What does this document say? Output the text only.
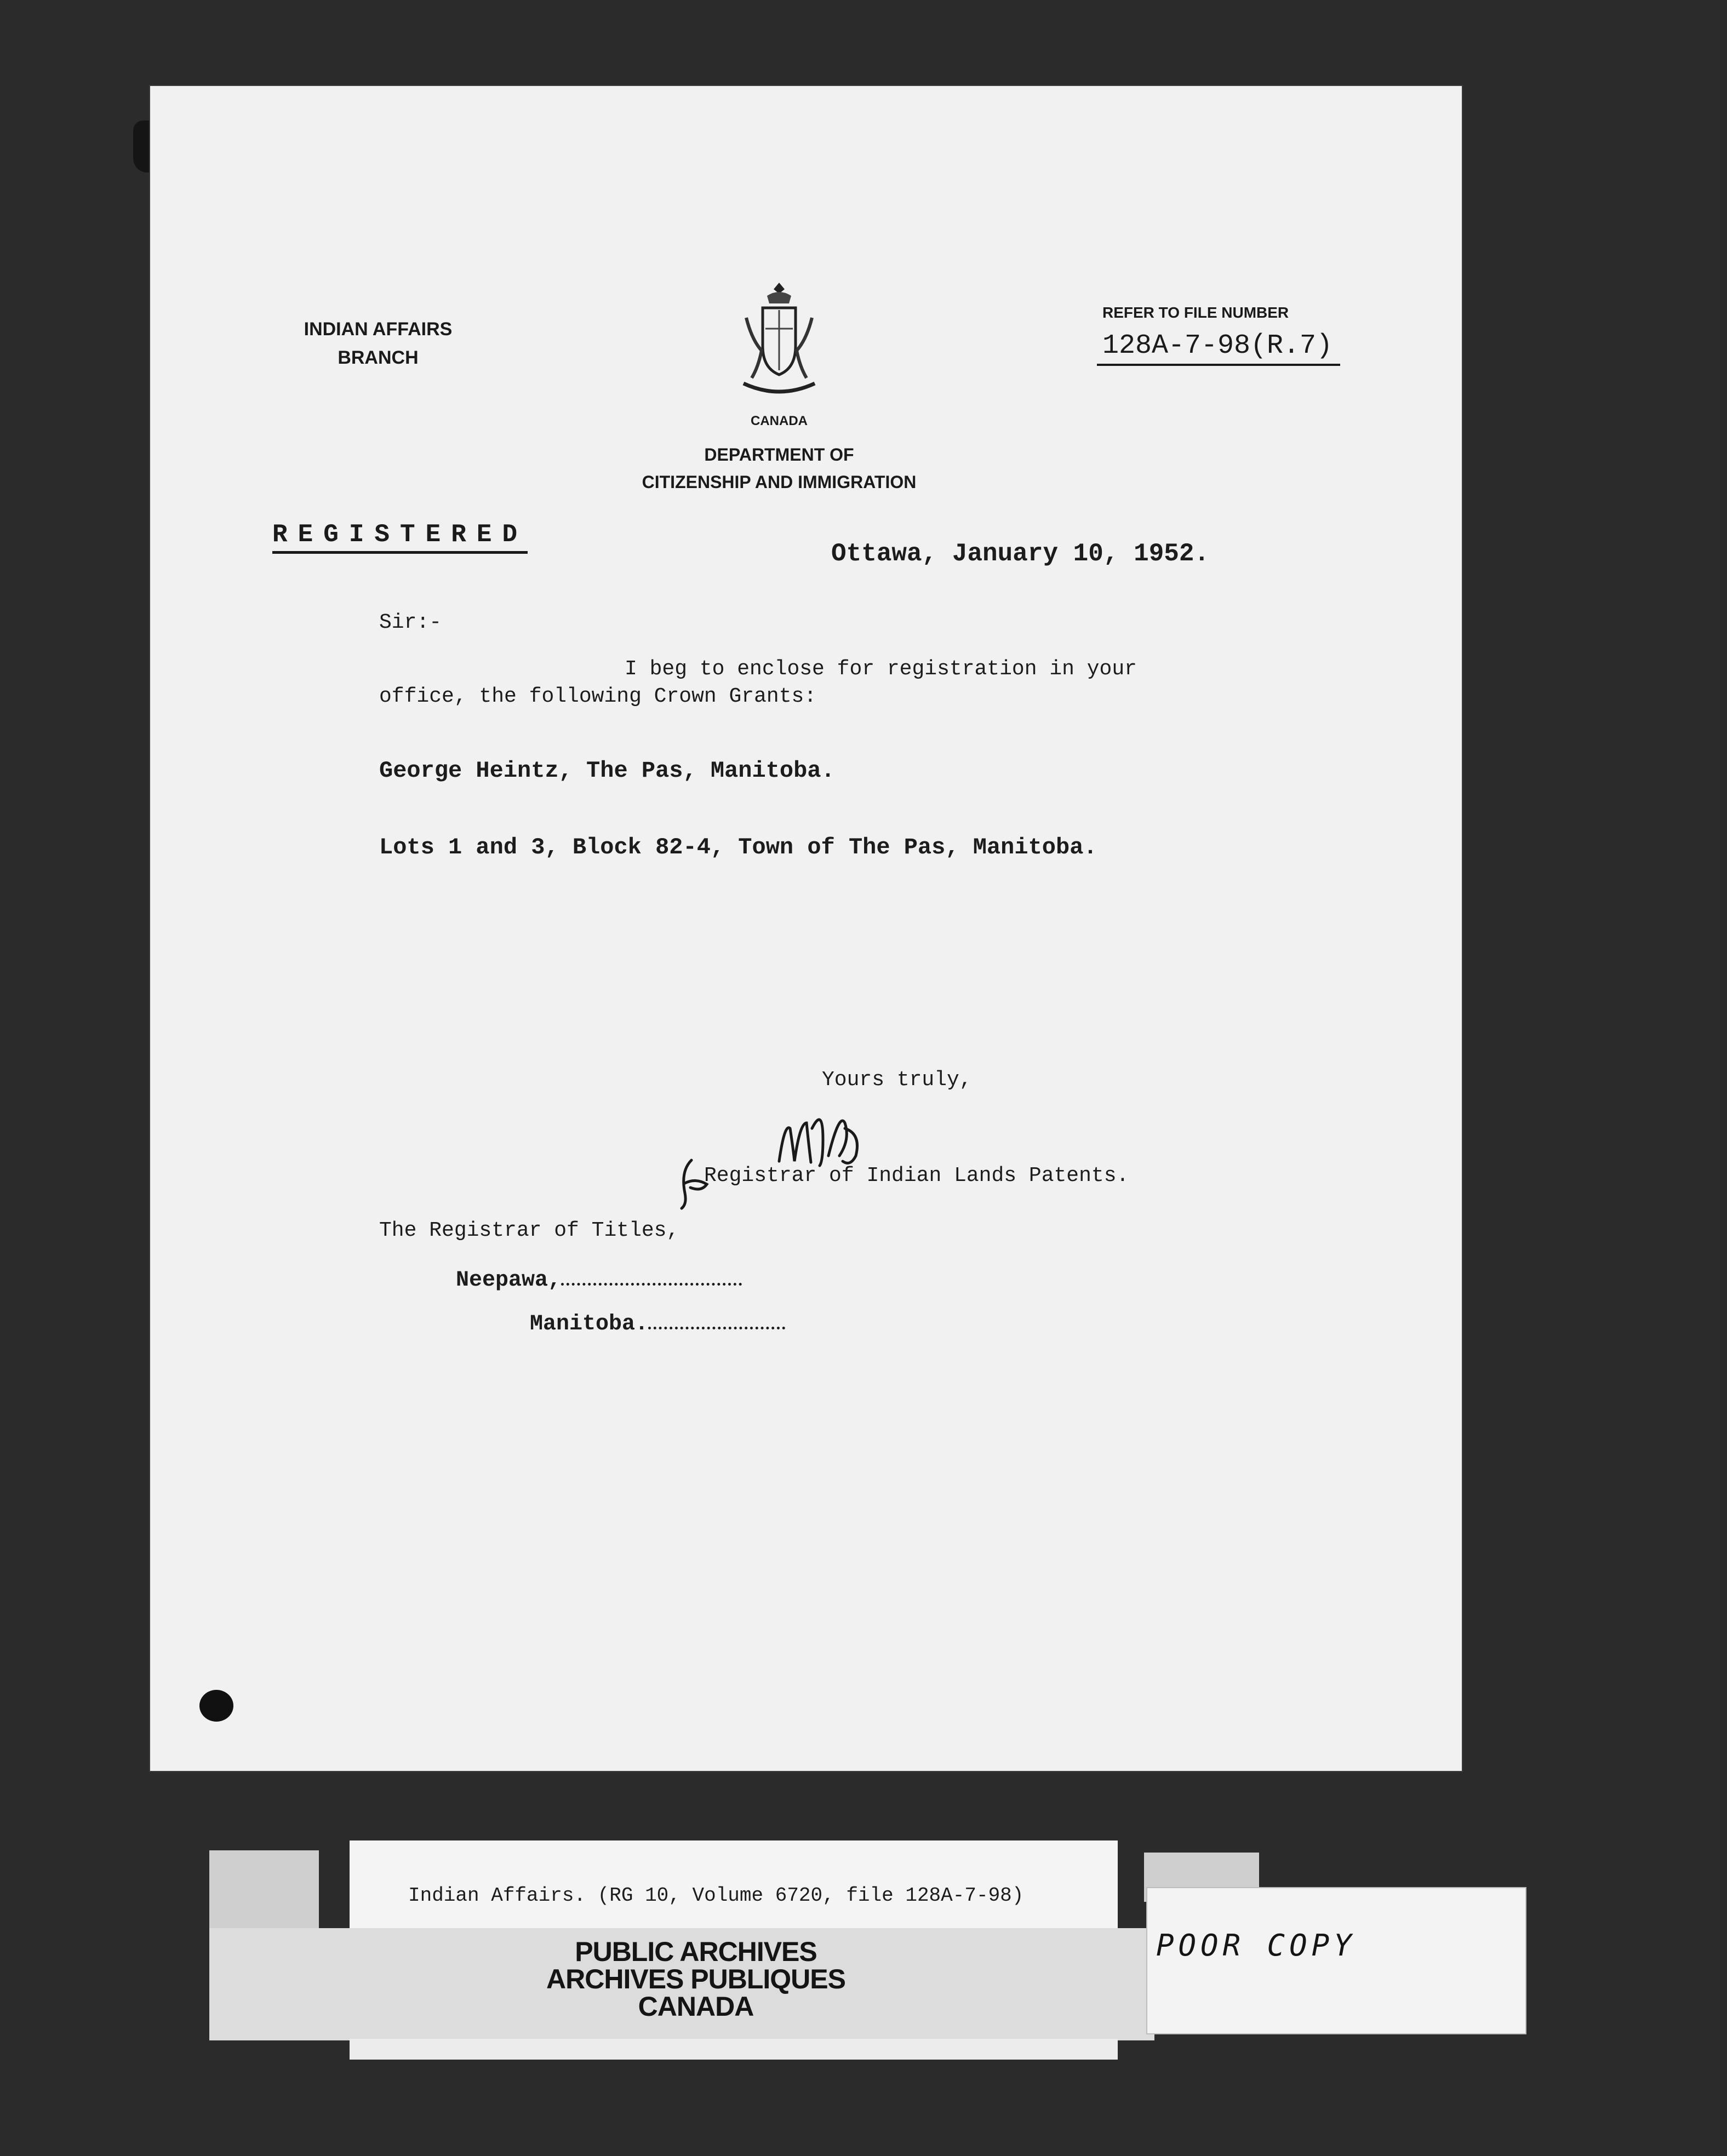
INDIAN AFFAIRS
BRANCH
CANADA
DEPARTMENT OF
CITIZENSHIP AND IMMIGRATION
REFER TO FILE NUMBER
128A-7-98(R.7)
REGISTERED
Ottawa, January 10, 1952.
Sir:-
I beg to enclose for registration in your
office, the following Crown Grants:
George Heintz, The Pas, Manitoba.
Lots 1 and 3, Block 82-4, Town of The Pas, Manitoba.
Yours truly,
Registrar of Indian Lands Patents.
The Registrar of Titles,
Neepawa,
Manitoba.
Indian Affairs. (RG 10, Volume 6720, file 128A-7-98)
PUBLIC ARCHIVES
ARCHIVES PUBLIQUES
CANADA
POOR COPY
